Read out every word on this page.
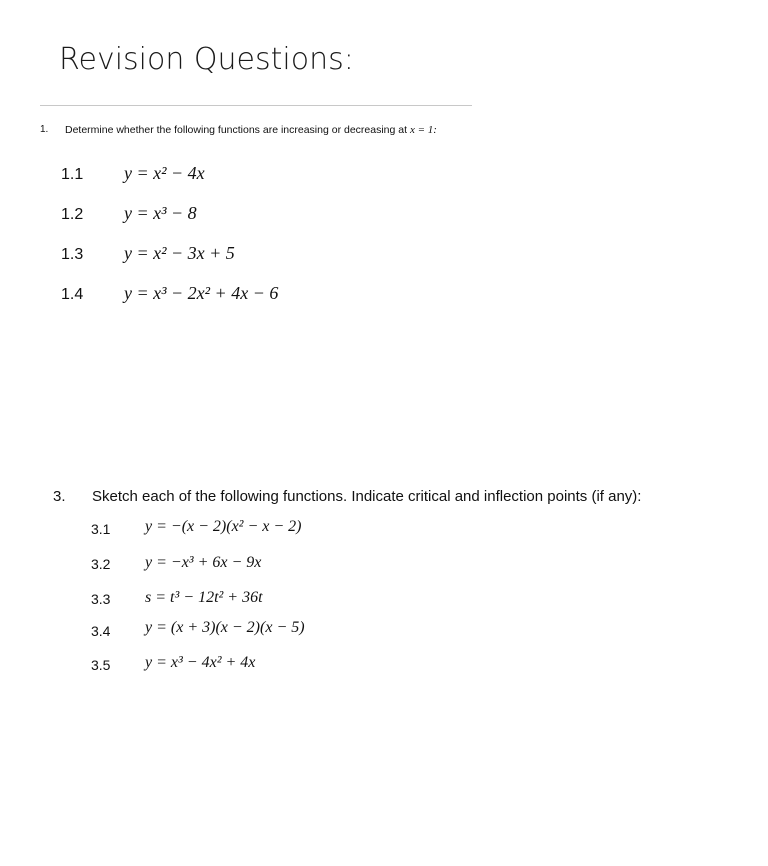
Revision Questions:
1. Determine whether the following functions are increasing or decreasing at x = 1:
1.1 y = x² − 4x
1.2 y = x³ − 8
1.3 y = x² − 3x + 5
1.4 y = x³ − 2x² + 4x − 6
3. Sketch each of the following functions. Indicate critical and inflection points (if any):
3.1 y = −(x − 2)(x² − x − 2)
3.2 y = −x³ + 6x − 9x
3.3 s = t³ − 12t² + 36t
3.4 y = (x + 3)(x − 2)(x − 5)
3.5 y = x³ − 4x² + 4x
